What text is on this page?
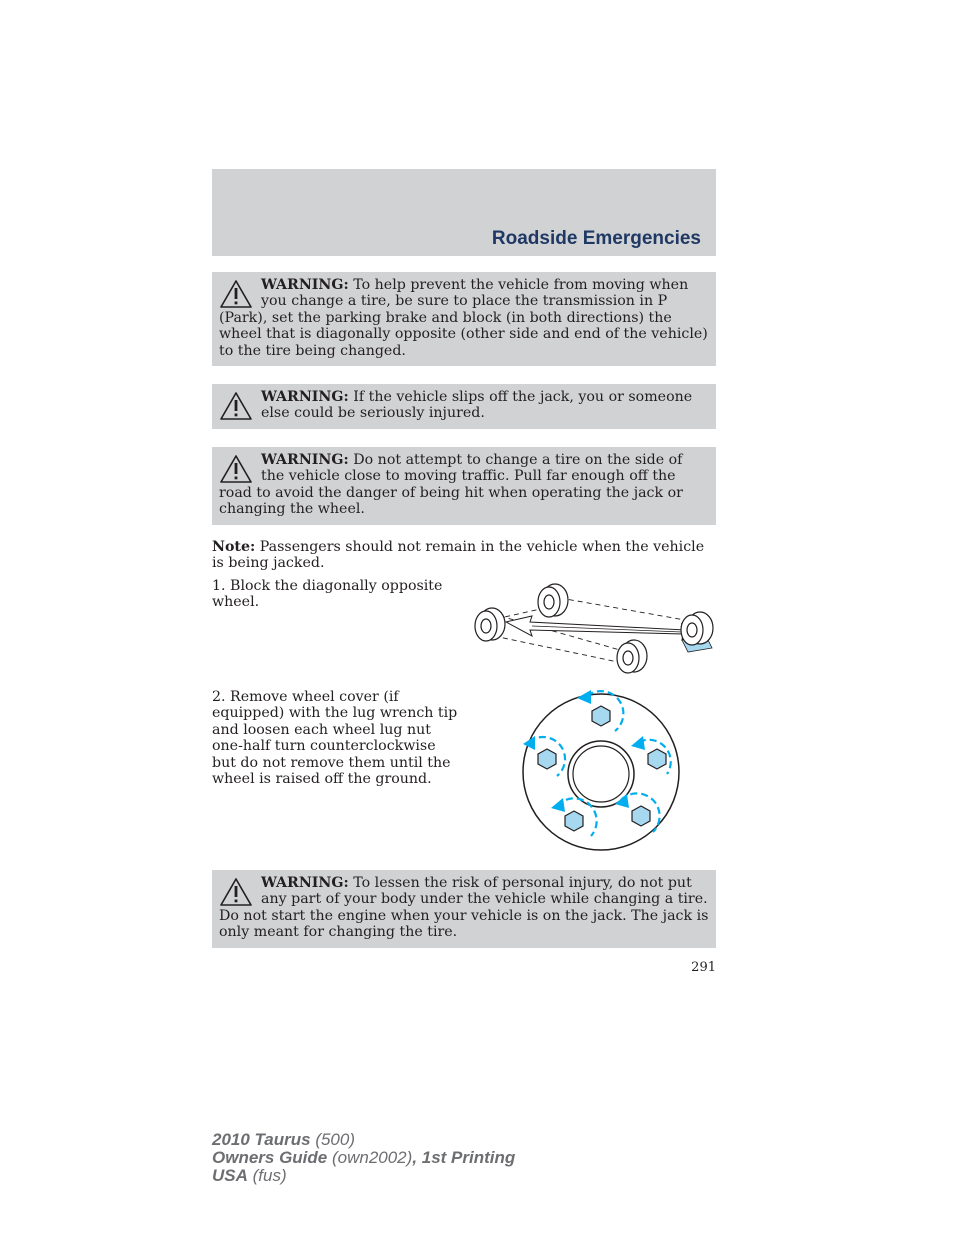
Roadside Emergencies
WARNING: To help prevent the vehicle from moving when you change a tire, be sure to place the transmission in P (Park), set the parking brake and block (in both directions) the wheel that is diagonally opposite (other side and end of the vehicle) to the tire being changed.
WARNING: If the vehicle slips off the jack, you or someone else could be seriously injured.
WARNING: Do not attempt to change a tire on the side of the vehicle close to moving traffic. Pull far enough off the road to avoid the danger of being hit when operating the jack or changing the wheel.

Note: Passengers should not remain in the vehicle when the vehicle is being jacked.

1. Block the diagonally opposite wheel.

2. Remove wheel cover (if equipped) with the lug wrench tip and loosen each wheel lug nut one-half turn counterclockwise but do not remove them until the wheel is raised off the ground.

WARNING: To lessen the risk of personal injury, do not put any part of your body under the vehicle while changing a tire. Do not start the engine when your vehicle is on the jack. The jack is only meant for changing the tire.
291
2010 Taurus (500)
Owners Guide (own2002), 1st Printing
USA (fus)
